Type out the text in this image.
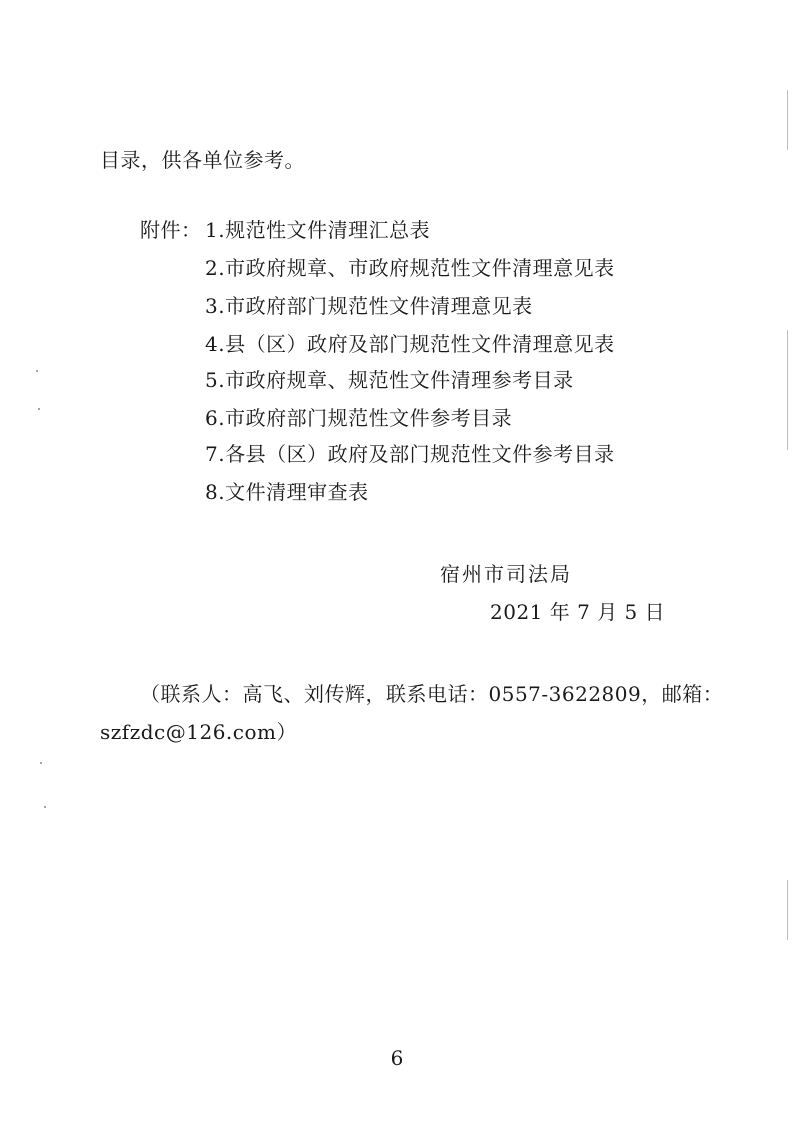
目录，供各单位参考。
附件： 1.规范性文件清理汇总表
2.市政府规章、市政府规范性文件清理意见表
3.市政府部门规范性文件清理意见表
4.县（区）政府及部门规范性文件清理意见表
5.市政府规章、规范性文件清理参考目录
6.市政府部门规范性文件参考目录
7.各县（区）政府及部门规范性文件参考目录
8.文件清理审查表
宿州市司法局
2021 年 7 月 5 日
（联系人：高飞、刘传辉，联系电话：0557-3622809，邮箱：
szfzdc@126.com）
6
